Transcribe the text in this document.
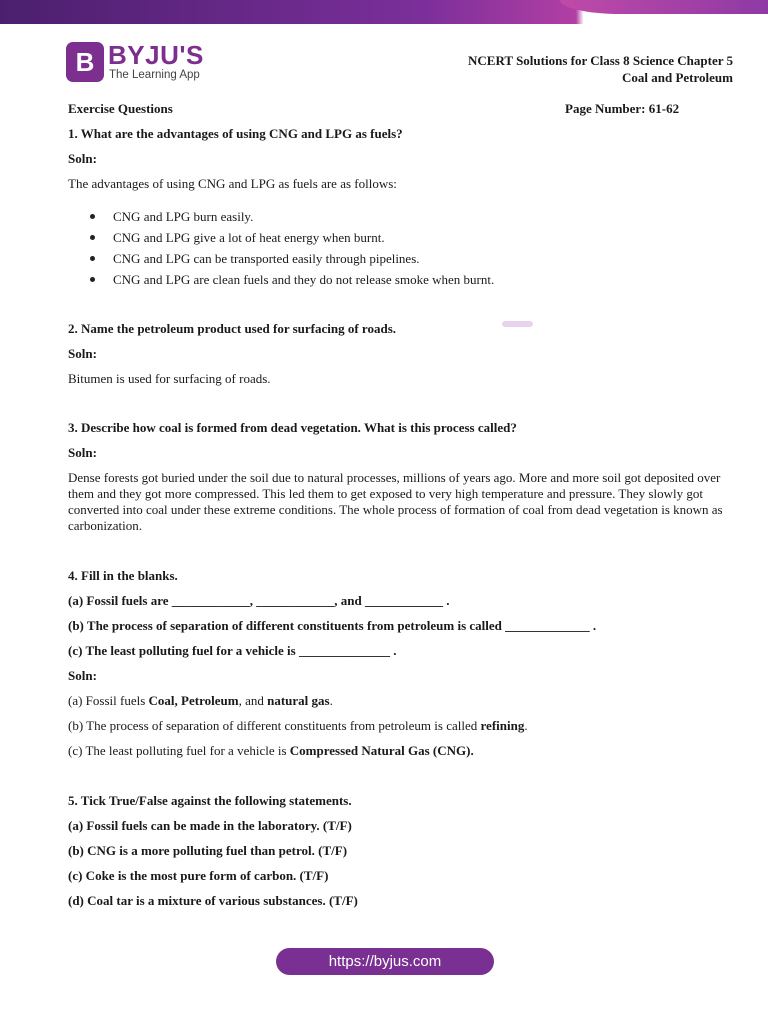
B BYJU'S
The Learning App
NCERT Solutions for Class 8 Science Chapter 5
Coal and Petroleum
Exercise Questions	Page Number: 61-62

1. What are the advantages of using CNG and LPG as fuels?

Soln:

The advantages of using CNG and LPG as fuels are as follows:

CNG and LPG burn easily.
CNG and LPG give a lot of heat energy when burnt.
CNG and LPG can be transported easily through pipelines.
CNG and LPG are clean fuels and they do not release smoke when burnt.

2. Name the petroleum product used for surfacing of roads.

Soln:

Bitumen is used for surfacing of roads.

3. Describe how coal is formed from dead vegetation. What is this process called?

Soln:

Dense forests got buried under the soil due to natural processes, millions of years ago. More and more soil got deposited over them and they got more compressed. This led them to get exposed to very high temperature and pressure. They slowly got converted into coal under these extreme conditions. The whole process of formation of coal from dead vegetation is known as carbonization.

4. Fill in the blanks.

(a) Fossil fuels are ____________, ____________, and ____________ .

(b) The process of separation of different constituents from petroleum is called _____________ .

(c) The least polluting fuel for a vehicle is ______________ .

Soln:

(a) Fossil fuels Coal, Petroleum, and natural gas.

(b) The process of separation of different constituents from petroleum is called refining.

(c) The least polluting fuel for a vehicle is Compressed Natural Gas (CNG).

5. Tick True/False against the following statements.

(a) Fossil fuels can be made in the laboratory. (T/F)

(b) CNG is a more polluting fuel than petrol. (T/F)

(c) Coke is the most pure form of carbon. (T/F)

(d) Coal tar is a mixture of various substances. (T/F)

https://byjus.com
